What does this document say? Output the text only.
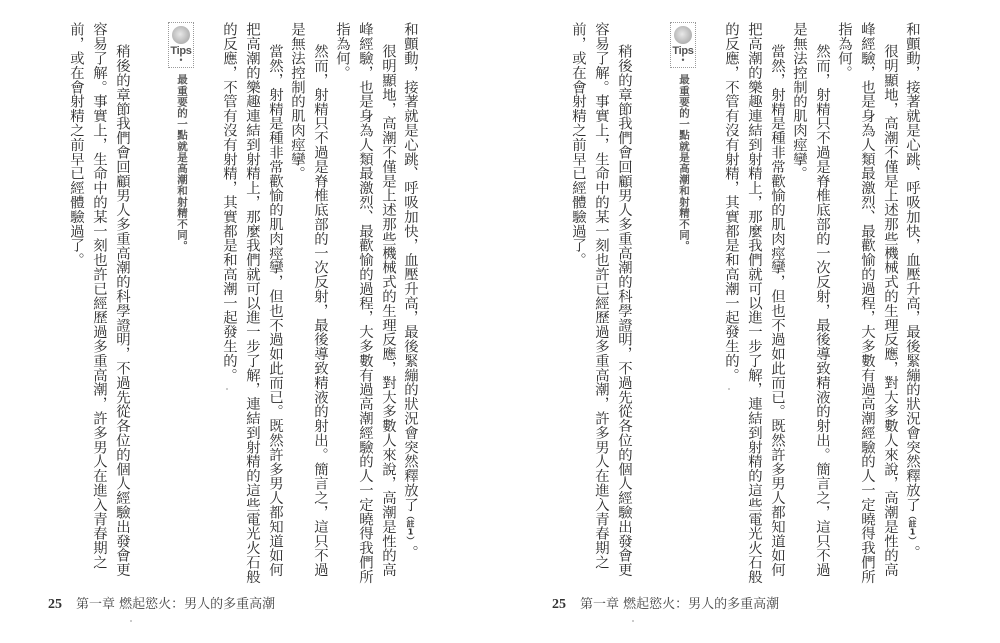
和顫動，接著就是心跳、呼吸加快，血壓升高，最後緊繃的狀況會突然釋放了（註1）。
很明顯地，高潮不僅是上述那些機械式的生理反應，對大多數人來說，高潮是性的高
峰經驗，也是身為人類最激烈、最歡愉的過程，大多數有過高潮經驗的人一定曉得我們所
指為何。
然而，射精只不過是脊椎底部的一次反射，最後導致精液的射出。簡言之，這只不過
是無法控制的肌肉痙攣。
當然，射精是種非常歡愉的肌肉痙攣，但也不過如此而已。既然許多男人都知道如何
把高潮的樂趣連結到射精上，那麼我們就可以進一步了解，連結到射精的這些電光火石般
的反應，不管有沒有射精，其實都是和高潮一起發生的。
Tips
•
最重要的一點就是高潮和射精不同。
稍後的章節我們會回顧男人多重高潮的科學證明，不過先從各位的個人經驗出發會更
容易了解。事實上，生命中的某一刻也許已經歷過多重高潮，許多男人在進入青春期之
前，或在會射精之前早已經體驗過了。
25 第一章 燃起慾火：男人的多重高潮
和顫動，接著就是心跳、呼吸加快，血壓升高，最後緊繃的狀況會突然釋放了（註1）。
很明顯地，高潮不僅是上述那些機械式的生理反應，對大多數人來說，高潮是性的高
峰經驗，也是身為人類最激烈、最歡愉的過程，大多數有過高潮經驗的人一定曉得我們所
指為何。
然而，射精只不過是脊椎底部的一次反射，最後導致精液的射出。簡言之，這只不過
是無法控制的肌肉痙攣。
當然，射精是種非常歡愉的肌肉痙攣，但也不過如此而已。既然許多男人都知道如何
把高潮的樂趣連結到射精上，那麼我們就可以進一步了解，連結到射精的這些電光火石般
的反應，不管有沒有射精，其實都是和高潮一起發生的。
Tips
•
最重要的一點就是高潮和射精不同。
稍後的章節我們會回顧男人多重高潮的科學證明，不過先從各位的個人經驗出發會更
容易了解。事實上，生命中的某一刻也許已經歷過多重高潮，許多男人在進入青春期之
前，或在會射精之前早已經體驗過了。
25 第一章 燃起慾火：男人的多重高潮
